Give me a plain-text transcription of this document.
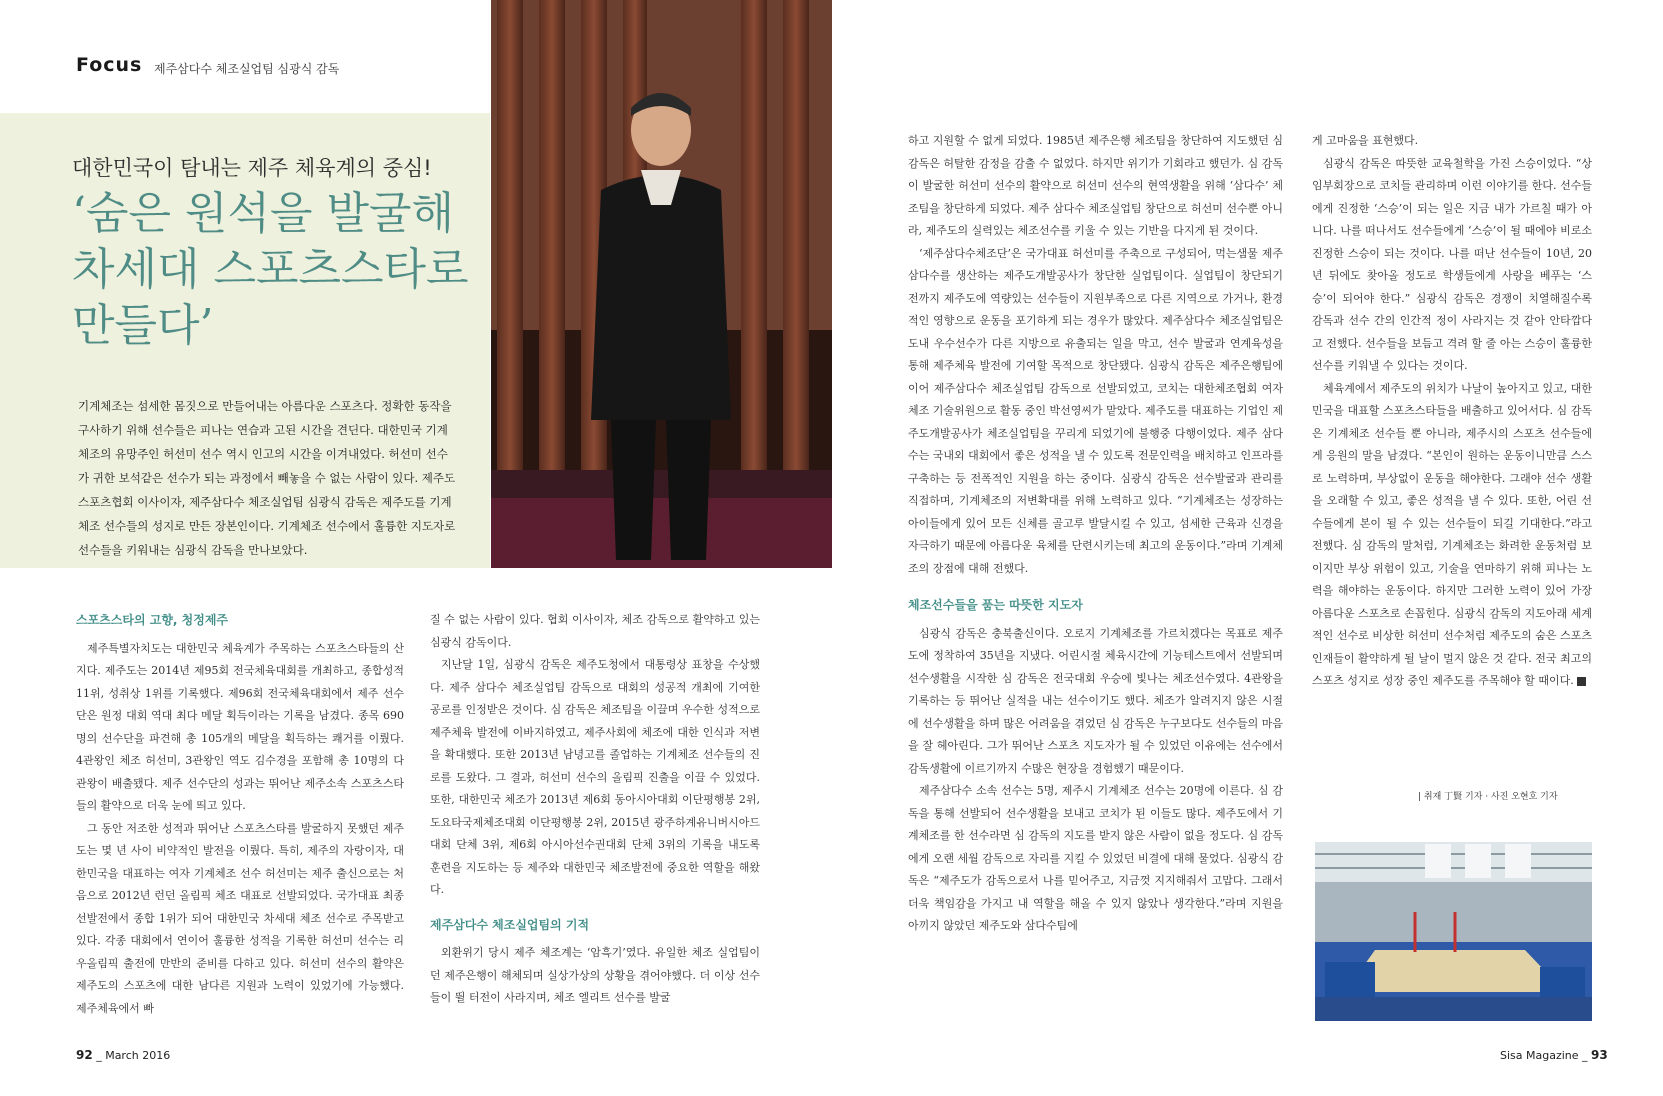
Focus 제주삼다수 체조실업팀 심광식 감독
대한민국이 탐내는 제주 체육계의 중심!
‘숨은 원석을 발굴해 차세대 스포츠스타로 만들다’
기계체조는 섬세한 몸짓으로 만들어내는 아름다운 스포츠다. 정확한 동작을 구사하기 위해 선수들은 피나는 연습과 고된 시간을 견딘다. 대한민국 기계체조의 유망주인 허선미 선수 역시 인고의 시간을 이겨내었다. 허선미 선수가 귀한 보석같은 선수가 되는 과정에서 빼놓을 수 없는 사람이 있다. 제주도스포츠협회 이사이자, 제주삼다수 체조실업팀 심광식 감독은 제주도를 기계체조 선수들의 성지로 만든 장본인이다. 기계체조 선수에서 훌륭한 지도자로 선수들을 키워내는 심광식 감독을 만나보았다.
스포츠스타의 고향, 청정제주

제주특별자치도는 대한민국 체육계가 주목하는 스포츠스타들의 산지다. 제주도는 2014년 제95회 전국체육대회를 개최하고, 종합성적 11위, 성취상 1위를 기록했다. 제96회 전국체육대회에서 제주 선수단은 원정 대회 역대 최다 메달 획득이라는 기록을 남겼다. 종목 690명의 선수단을 파견해 총 105개의 메달을 획득하는 쾌거를 이뤘다. 4관왕인 체조 허선미, 3관왕인 역도 김수경을 포함해 총 10명의 다관왕이 배출됐다. 제주 선수단의 성과는 뛰어난 제주소속 스포츠스타들의 활약으로 더욱 눈에 띄고 있다.

그 동안 저조한 성적과 뛰어난 스포츠스타를 발굴하지 못했던 제주도는 몇 년 사이 비약적인 발전을 이뤘다. 특히, 제주의 자랑이자, 대한민국을 대표하는 여자 기계체조 선수 허선미는 제주 출신으로는 처음으로 2012년 런던 올림픽 체조 대표로 선발되었다. 국가대표 최종 선발전에서 종합 1위가 되어 대한민국 차세대 체조 선수로 주목받고 있다. 각종 대회에서 연이어 훌륭한 성적을 기록한 허선미 선수는 리우올림픽 출전에 만반의 준비를 다하고 있다. 허선미 선수의 활약은 제주도의 스포츠에 대한 남다른 지원과 노력이 있었기에 가능했다. 제주체육에서 빠

질 수 없는 사람이 있다. 협회 이사이자, 체조 감독으로 활약하고 있는 심광식 감독이다.

지난달 1일, 심광식 감독은 제주도청에서 대통령상 표창을 수상했다. 제주 삼다수 체조실업팀 감독으로 대회의 성공적 개최에 기여한 공로를 인정받은 것이다. 심 감독은 체조팀을 이끌며 우수한 성적으로 제주체육 발전에 이바지하였고, 제주사회에 체조에 대한 인식과 저변을 확대했다. 또한 2013년 남녕고를 졸업하는 기계체조 선수들의 진로를 도왔다. 그 결과, 허선미 선수의 올림픽 진출을 이끌 수 있었다. 또한, 대한민국 체조가 2013년 제6회 동아시아대회 이단평행봉 2위, 도요타국제체조대회 이단평행봉 2위, 2015년 광주하계유니버시아드대회 단체 3위, 제6회 아시아선수권대회 단체 3위의 기록을 내도록 훈련을 지도하는 등 제주와 대한민국 체조발전에 중요한 역할을 해왔다.

제주삼다수 체조실업팀의 기적

외환위기 당시 제주 체조계는 ‘암흑기’였다. 유일한 체조 실업팀이던 제주은행이 해체되며 실상가상의 상황을 겪어야했다. 더 이상 선수들이 뛸 터전이 사라지며, 체조 엘리트 선수를 발굴

하고 지원할 수 없게 되었다. 1985년 제주은행 체조팀을 창단하여 지도했던 심 감독은 허탈한 감정을 감출 수 없었다. 하지만 위기가 기회라고 했던가. 심 감독이 발굴한 허선미 선수의 활약으로 허선미 선수의 현역생활을 위해 ‘삼다수’ 체조팀을 창단하게 되었다. 제주 삼다수 체조실업팀 창단으로 허선미 선수뿐 아니라, 제주도의 실력있는 체조선수를 키울 수 있는 기반을 다지게 된 것이다.

‘제주삼다수체조단’은 국가대표 허선미를 주축으로 구성되어, 먹는샘물 제주삼다수를 생산하는 제주도개발공사가 창단한 실업팀이다. 실업팀이 창단되기 전까지 제주도에 역량있는 선수들이 지원부족으로 다른 지역으로 가거나, 환경적인 영향으로 운동을 포기하게 되는 경우가 많았다. 제주삼다수 체조실업팀은 도내 우수선수가 다른 지방으로 유출되는 일을 막고, 선수 발굴과 연계육성을 통해 제주체육 발전에 기여할 목적으로 창단됐다. 심광식 감독은 제주은행팀에 이어 제주삼다수 체조실업팀 감독으로 선발되었고, 코치는 대한체조협회 여자체조 기술위원으로 활동 중인 박선영씨가 맡았다. 제주도를 대표하는 기업인 제주도개발공사가 체조실업팀을 꾸리게 되었기에 불행중 다행이었다. 제주 삼다수는 국내외 대회에서 좋은 성적을 낼 수 있도록 전문인력을 배치하고 인프라를 구축하는 등 전폭적인 지원을 하는 중이다. 심광식 감독은 선수발굴과 관리를 직접하며, 기계체조의 저변확대를 위해 노력하고 있다. “기계체조는 성장하는 아이들에게 있어 모든 신체를 골고루 발달시킬 수 있고, 섬세한 근육과 신경을 자극하기 때문에 아름다운 육체를 단련시키는데 최고의 운동이다.”라며 기계체조의 장점에 대해 전했다.

체조선수들을 품는 따뜻한 지도자

심광식 감독은 충북출신이다. 오로지 기계체조를 가르치겠다는 목표로 제주도에 정착하여 35년을 지냈다. 어린시절 체육시간에 기능테스트에서 선발되며 선수생활을 시작한 심 감독은 전국대회 우승에 빛나는 체조선수였다. 4관왕을 기록하는 등 뛰어난 실적을 내는 선수이기도 했다. 체조가 알려지지 않은 시절에 선수생활을 하며 많은 어려움을 겪었던 심 감독은 누구보다도 선수들의 마음을 잘 헤아린다. 그가 뛰어난 스포츠 지도자가 될 수 있었던 이유에는 선수에서 감독생활에 이르기까지 수많은 현장을 경험했기 때문이다.

제주삼다수 소속 선수는 5명, 제주시 기계체조 선수는 20명에 이른다. 심 감독을 통해 선발되어 선수생활을 보내고 코치가 된 이들도 많다. 제주도에서 기계체조를 한 선수라면 심 감독의 지도를 받지 않은 사람이 없을 정도다. 심 감독에게 오랜 세월 감독으로 자리를 지킬 수 있었던 비결에 대해 물었다. 심광식 감독은 “제주도가 감독으로서 나를 믿어주고, 지금껏 지지해줘서 고맙다. 그래서 더욱 책임감을 가지고 내 역할을 해올 수 있지 않았나 생각한다.”라며 지원을 아끼지 않았던 제주도와 삼다수팀에

게 고마움을 표현했다.

심광식 감독은 따뜻한 교육철학을 가진 스승이었다. “상임부회장으로 코치들 관리하며 이런 이야기를 한다. 선수들에게 진정한 ‘스승’이 되는 일은 지금 내가 가르칠 때가 아니다. 나를 떠나서도 선수들에게 ‘스승’이 될 때에야 비로소 진정한 스승이 되는 것이다. 나를 떠난 선수들이 10년, 20년 뒤에도 찾아올 정도로 학생들에게 사랑을 베푸는 ‘스승’이 되어야 한다.” 심광식 감독은 경쟁이 치열해질수록 감독과 선수 간의 인간적 정이 사라지는 것 같아 안타깝다고 전했다. 선수들을 보듬고 격려 할 줄 아는 스승이 훌륭한 선수를 키워낼 수 있다는 것이다.

체육계에서 제주도의 위치가 나날이 높아지고 있고, 대한민국을 대표할 스포츠스타들을 배출하고 있어서다. 심 감독은 기계체조 선수들 뿐 아니라, 제주시의 스포츠 선수들에게 응원의 말을 남겼다. “본인이 원하는 운동이니만큼 스스로 노력하며, 부상없이 운동을 해야한다. 그래야 선수 생활을 오래할 수 있고, 좋은 성적을 낼 수 있다. 또한, 어린 선수들에게 본이 될 수 있는 선수들이 되길 기대한다.”라고 전했다. 심 감독의 말처럼, 기계체조는 화려한 운동처럼 보이지만 부상 위험이 있고, 기술을 연마하기 위해 피나는 노력을 해야하는 운동이다. 하지만 그러한 노력이 있어 가장 아름다운 스포츠로 손꼽힌다. 심광식 감독의 지도아래 세계적인 선수로 비상한 허선미 선수처럼 제주도의 숨은 스포츠인재들이 활약하게 될 날이 멀지 않은 것 같다. 전국 최고의 스포츠 성지로 성장 중인 제주도를 주목해야 할 때이다.

| 취재 丁賢 기자 · 사진 오현호 기자
92 _ March 2016	Sisa Magazine _ 93
